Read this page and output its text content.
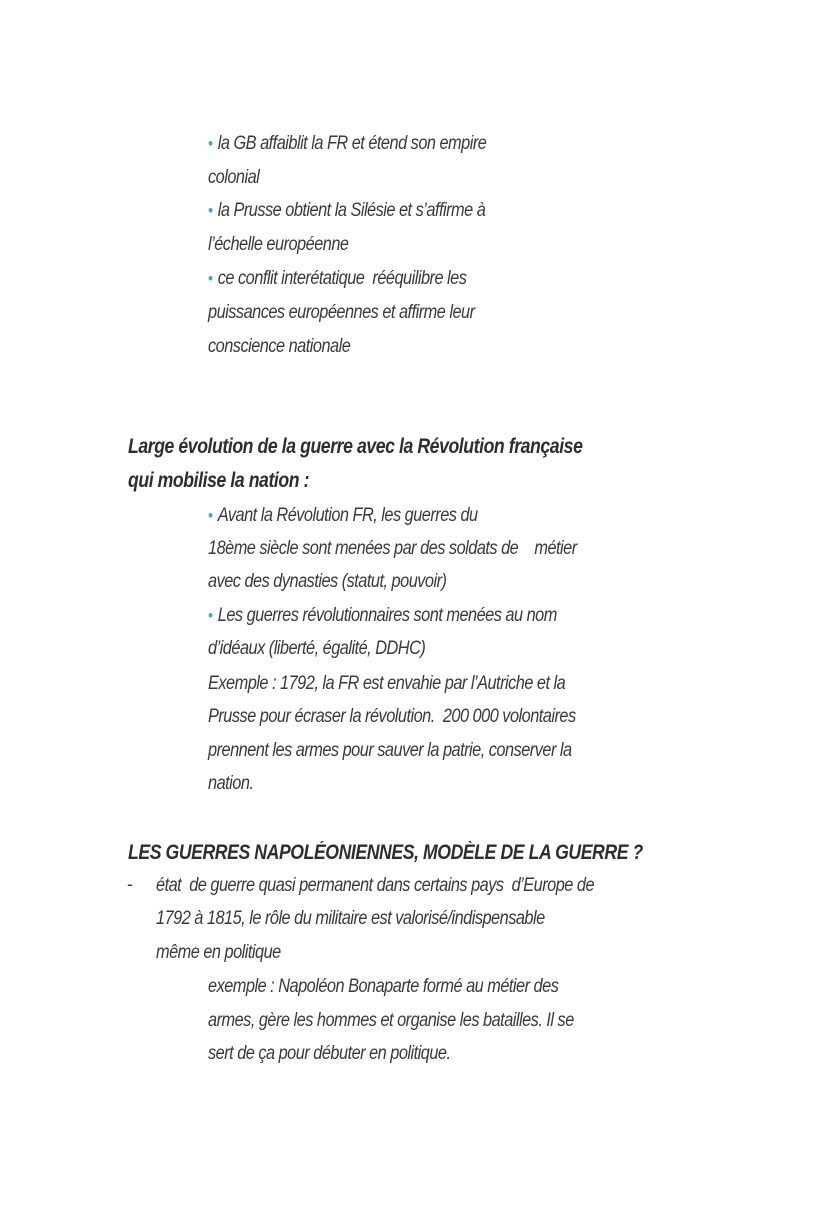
• la GB affaiblit la FR et étend son empire
colonial
• la Prusse obtient la Silésie et s’affirme à
l’échelle européenne
• ce conflit interétatique  rééquilibre les
puissances européennes et affirme leur
conscience nationale
Large évolution de la guerre avec la Révolution française
qui mobilise la nation :
• Avant la Révolution FR, les guerres du
18ème siècle sont menées par des soldats de    métier
avec des dynasties (statut, pouvoir)
• Les guerres révolutionnaires sont menées au nom
d’idéaux (liberté, égalité, DDHC)
Exemple : 1792, la FR est envahie par l’Autriche et la
Prusse pour écraser la révolution.  200 000 volontaires
prennent les armes pour sauver la patrie, conserver la
nation.
LES GUERRES NAPOLÉONIENNES, MODÈLE DE LA GUERRE ?
- état  de guerre quasi permanent dans certains pays  d’Europe de
1792 à 1815, le rôle du militaire est valorisé/indispensable
même en politique
exemple : Napoléon Bonaparte formé au métier des
armes, gère les hommes et organise les batailles. Il se
sert de ça pour débuter en politique.
